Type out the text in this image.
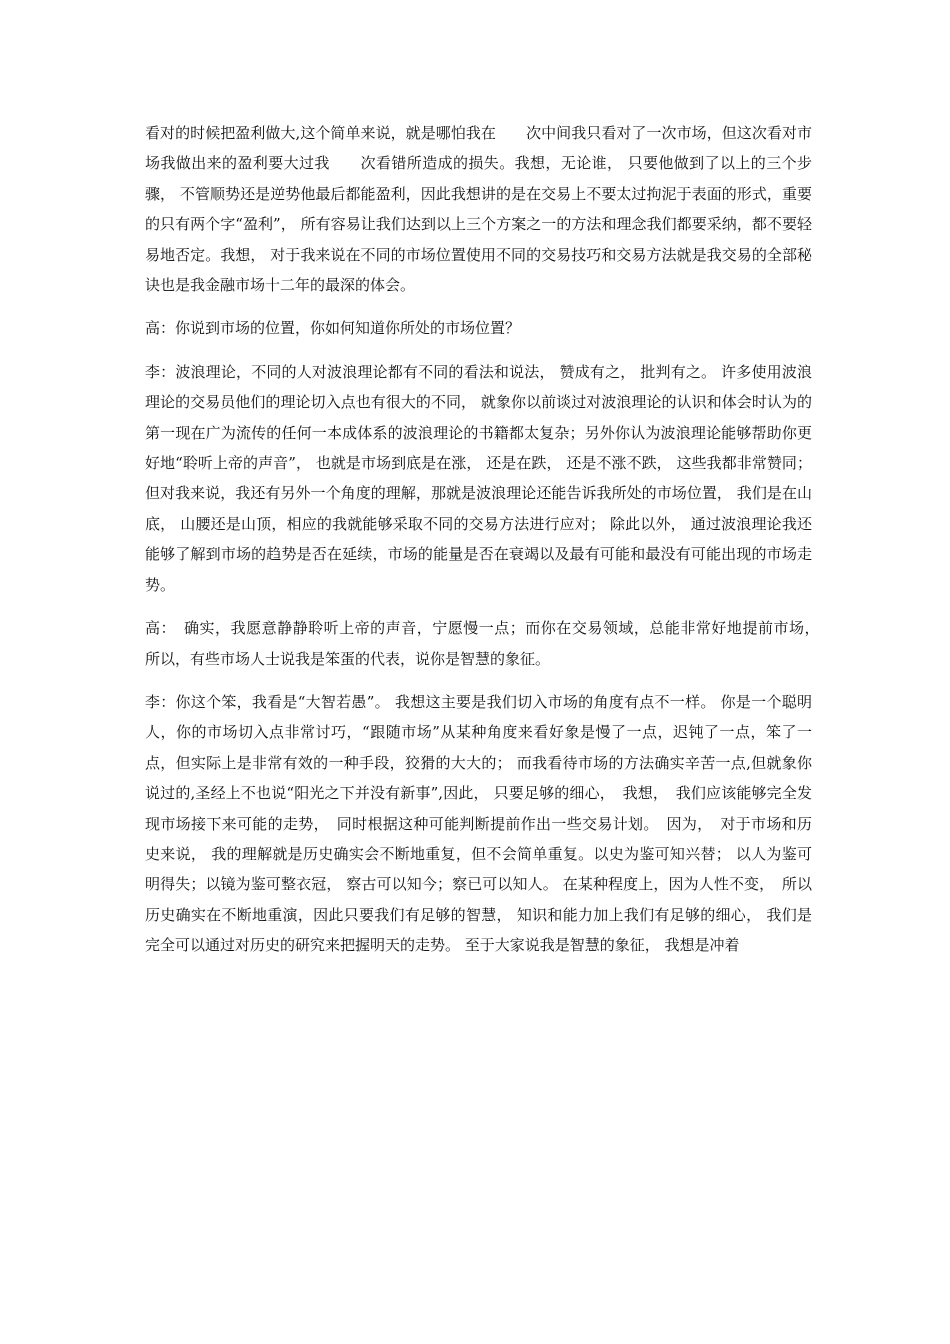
看对的时候把盈利做大,这个简单来说，就是哪怕我在　　次中间我只看对了一次市场，但这次看对市场我做出来的盈利要大过我　　次看错所造成的损失。我想，无论谁， 只要他做到了以上的三个步骤， 不管顺势还是逆势他最后都能盈利，因此我想讲的是在交易上不要太过拘泥于表面的形式，重要的只有两个字“盈利”， 所有容易让我们达到以上三个方案之一的方法和理念我们都要采纳，都不要轻易地否定。我想， 对于我来说在不同的市场位置使用不同的交易技巧和交易方法就是我交易的全部秘诀也是我金融市场十二年的最深的体会。

高：你说到市场的位置，你如何知道你所处的市场位置？

李：波浪理论，不同的人对波浪理论都有不同的看法和说法， 赞成有之， 批判有之。 许多使用波浪理论的交易员他们的理论切入点也有很大的不同， 就象你以前谈过对波浪理论的认识和体会时认为的第一现在广为流传的任何一本成体系的波浪理论的书籍都太复杂；另外你认为波浪理论能够帮助你更好地“聆听上帝的声音”， 也就是市场到底是在涨， 还是在跌， 还是不涨不跌， 这些我都非常赞同； 但对我来说，我还有另外一个角度的理解，那就是波浪理论还能告诉我所处的市场位置， 我们是在山底， 山腰还是山顶，相应的我就能够采取不同的交易方法进行应对； 除此以外， 通过波浪理论我还能够了解到市场的趋势是否在延续，市场的能量是否在衰竭以及最有可能和最没有可能出现的市场走势。

高：　确实，我愿意静静聆听上帝的声音，宁愿慢一点；而你在交易领域，总能非常好地提前市场，　所以，有些市场人士说我是笨蛋的代表，说你是智慧的象征。

李：你这个笨，我看是“大智若愚”。 我想这主要是我们切入市场的角度有点不一样。 你是一个聪明人，你的市场切入点非常讨巧，“跟随市场”从某种角度来看好象是慢了一点，迟钝了一点，笨了一点，但实际上是非常有效的一种手段，狡猾的大大的； 而我看待市场的方法确实辛苦一点,但就象你说过的,圣经上不也说“阳光之下并没有新事”,因此， 只要足够的细心，　我想，　我们应该能够完全发现市场接下来可能的走势，　同时根据这种可能判断提前作出一些交易计划。　因为，　对于市场和历史来说， 我的理解就是历史确实会不断地重复，但不会简单重复。以史为鉴可知兴替； 以人为鉴可明得失；以镜为鉴可整衣冠， 察古可以知今；察已可以知人。 在某种程度上，因为人性不变，　所以历史确实在不断地重演，因此只要我们有足够的智慧， 知识和能力加上我们有足够的细心， 我们是完全可以通过对历史的研究来把握明天的走势。 至于大家说我是智慧的象征， 我想是冲着
